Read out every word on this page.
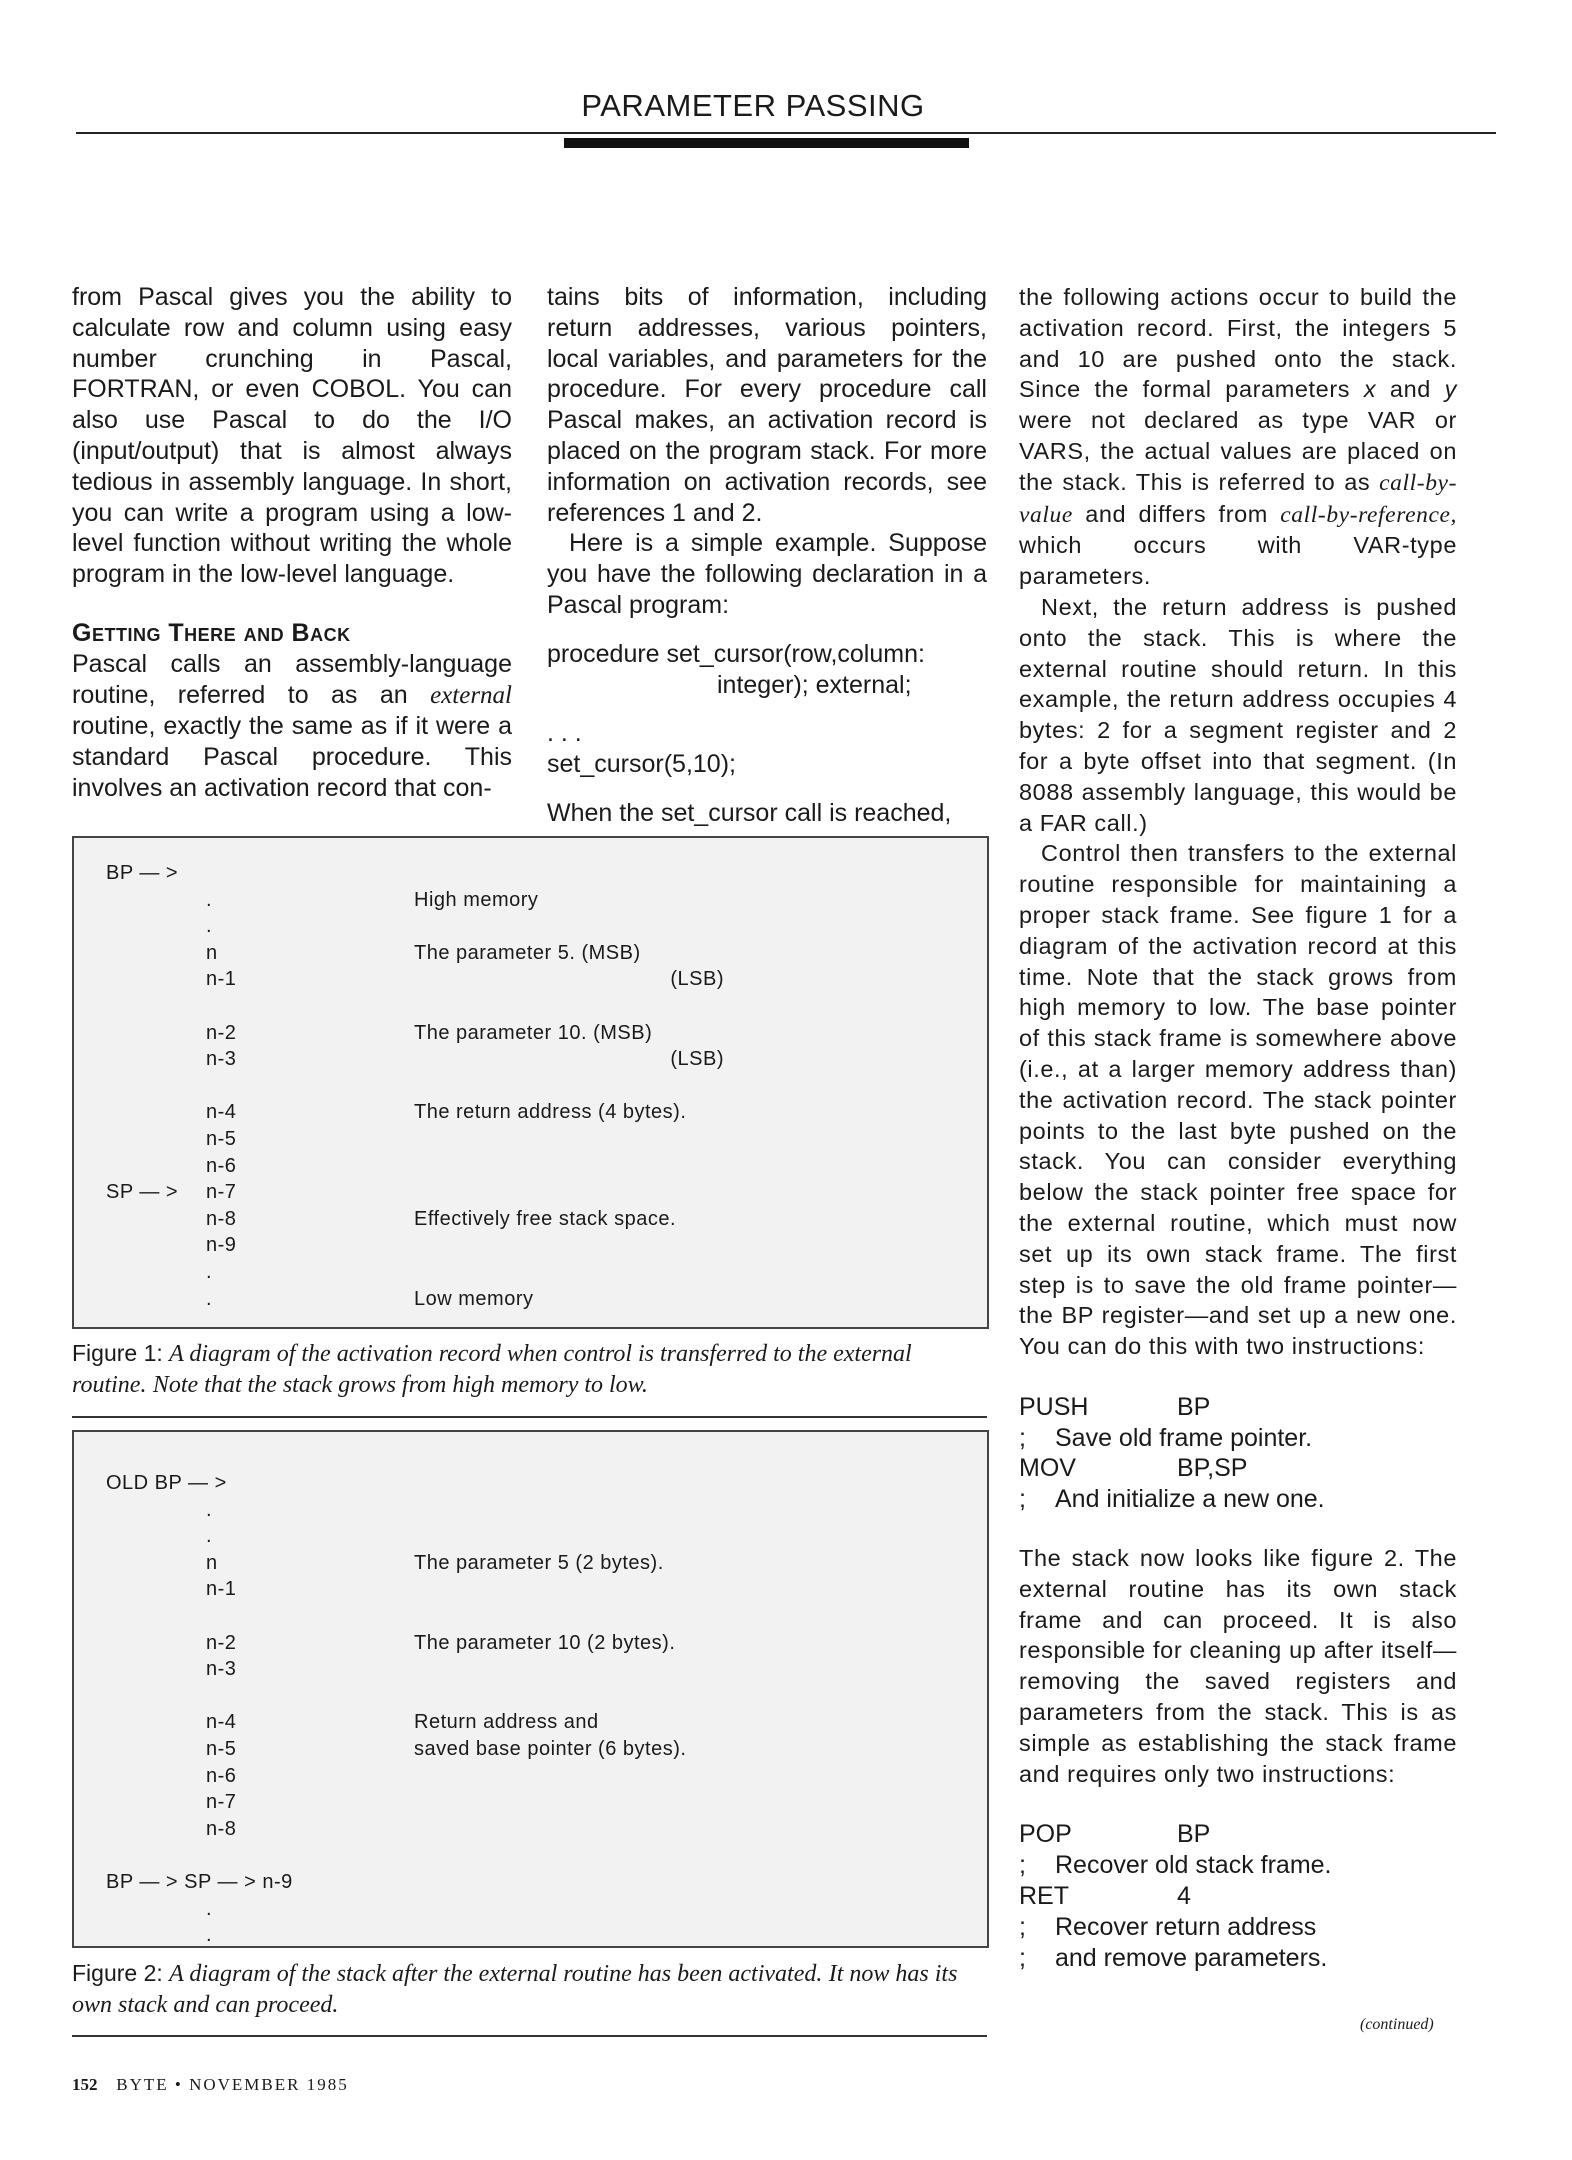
PARAMETER PASSING

from Pascal gives you the ability to calculate row and column using easy number crunching in Pascal, FORTRAN, or even COBOL. You can also use Pascal to do the I/O (input/output) that is almost always tedious in assembly language. In short, you can write a program using a low-level function without writing the whole program in the low-level language.

Getting There and Back

Pascal calls an assembly-language routine, referred to as an external routine, exactly the same as if it were a standard Pascal procedure. This involves an activation record that con-

tains bits of information, including return addresses, various pointers, local variables, and parameters for the procedure. For every procedure call Pascal makes, an activation record is placed on the program stack. For more information on activation records, see references 1 and 2.

Here is a simple example. Suppose you have the following declaration in a Pascal program:

procedure set_cursor(row,column:

integer); external;

. . .

set_cursor(5,10);

When the set_cursor call is reached,

the following actions occur to build the activation record. First, the integers 5 and 10 are pushed onto the stack. Since the formal parameters x and y were not declared as type VAR or VARS, the actual values are placed on the stack. This is referred to as call-by-value and differs from call-by-reference, which occurs with VAR-type parameters.

Next, the return address is pushed onto the stack. This is where the external routine should return. In this example, the return address occupies 4 bytes: 2 for a segment register and 2 for a byte offset into that segment. (In 8088 assembly language, this would be a FAR call.)

Control then transfers to the external routine responsible for maintaining a proper stack frame. See figure 1 for a diagram of the activation record at this time. Note that the stack grows from high memory to low. The base pointer of this stack frame is somewhere above (i.e., at a larger memory address than) the activation record. The stack pointer points to the last byte pushed on the stack. You can consider everything below the stack pointer free space for the external routine, which must now set up its own stack frame. The first step is to save the old frame pointer—the BP register—and set up a new one. You can do this with two instructions:

PUSH	BP
; Save old frame pointer.
MOV	BP,SP
; And initialize a new one.

The stack now looks like figure 2. The external routine has its own stack frame and can proceed. It is also responsible for cleaning up after itself—removing the saved registers and parameters from the stack. This is as simple as establishing the stack frame and requires only two instructions:

POP	BP
; Recover old stack frame.
RET	4
; Recover return address
; and remove parameters.
(continued)
BP — >
.	High memory
.
n	The parameter 5. (MSB)
n-1	(LSB)
n-2	The parameter 10. (MSB)
n-3	(LSB)
n-4	The return address (4 bytes).
n-5
n-6
SP — > n-7
n-8	Effectively free stack space.
n-9
.
.	Low memory
Figure 1: A diagram of the activation record when control is transferred to the external routine. Note that the stack grows from high memory to low.
OLD BP — >
.
.
n	The parameter 5 (2 bytes).
n-1
n-2	The parameter 10 (2 bytes).
n-3
n-4	Return address and
n-5	saved base pointer (6 bytes).
n-6
n-7
n-8
BP — > SP — > n-9
.
.
Figure 2: A diagram of the stack after the external routine has been activated. It now has its own stack and can proceed.
152 BYTE • NOVEMBER 1985
